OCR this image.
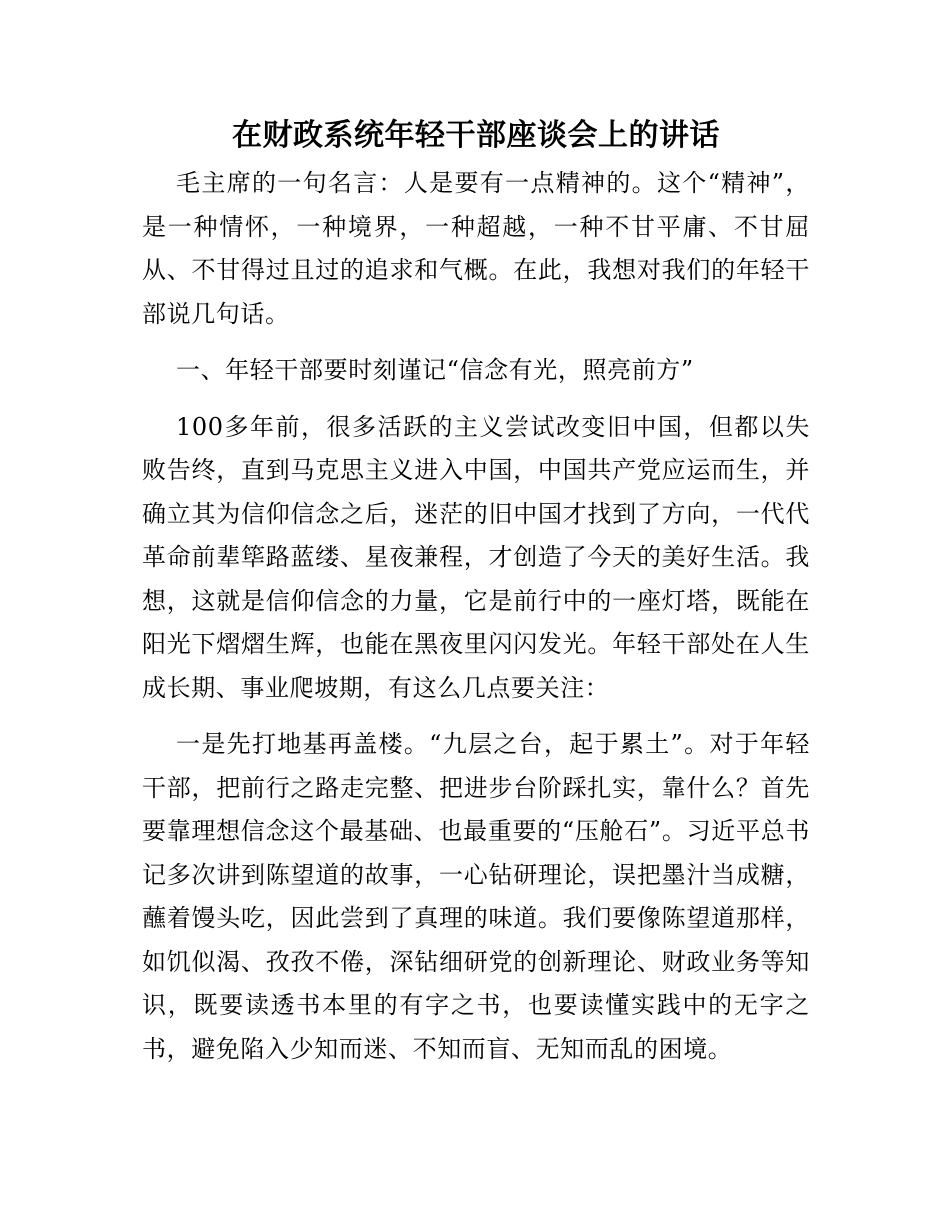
在财政系统年轻干部座谈会上的讲话

毛主席的一句名言：人是要有一点精神的。这个“精神”，是一种情怀，一种境界，一种超越，一种不甘平庸、不甘屈从、不甘得过且过的追求和气概。在此，我想对我们的年轻干部说几句话。

一、年轻干部要时刻谨记“信念有光，照亮前方”

100多年前，很多活跃的主义尝试改变旧中国，但都以失败告终，直到马克思主义进入中国，中国共产党应运而生，并确立其为信仰信念之后，迷茫的旧中国才找到了方向，一代代革命前辈筚路蓝缕、星夜兼程，才创造了今天的美好生活。我想，这就是信仰信念的力量，它是前行中的一座灯塔，既能在阳光下熠熠生辉，也能在黑夜里闪闪发光。年轻干部处在人生成长期、事业爬坡期，有这么几点要关注：

一是先打地基再盖楼。“九层之台，起于累土”。对于年轻干部，把前行之路走完整、把进步台阶踩扎实，靠什么？首先要靠理想信念这个最基础、也最重要的“压舱石”。习近平总书记多次讲到陈望道的故事，一心钻研理论，误把墨汁当成糖，蘸着馒头吃，因此尝到了真理的味道。我们要像陈望道那样，如饥似渴、孜孜不倦，深钻细研党的创新理论、财政业务等知识，既要读透书本里的有字之书，也要读懂实践中的无字之书，避免陷入少知而迷、不知而盲、无知而乱的困境。
